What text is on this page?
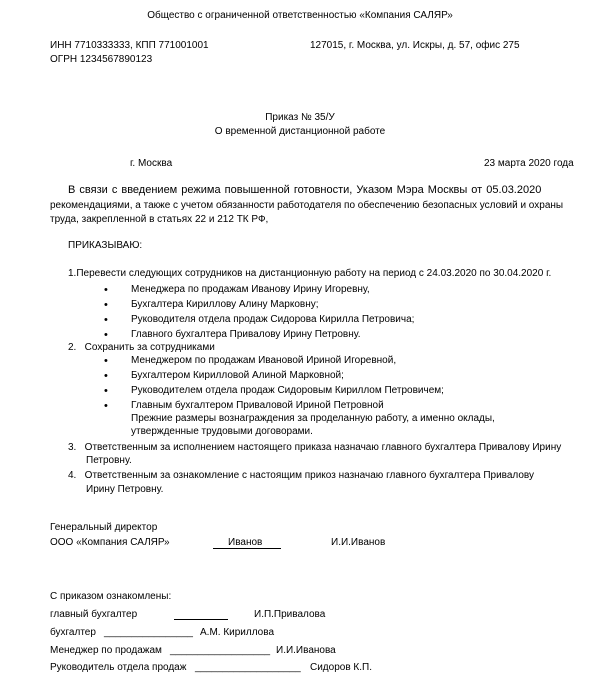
Общество с ограниченной ответственностью «Компания САЛЯР»
ИНН 7710333333, КПП 771001001	127015, г. Москва, ул. Искры, д. 57, офис 275
ОГРН 1234567890123
Приказ № 35/У
О временной дистанционной работе
г. Москва	23 марта 2020 года
В связи с введением режима повышенной готовности, Указом Мэра Москвы от 05.03.2020
рекомендациями, а также с учетом обязанности работодателя по обеспечению безопасных условий и охраны
труда, закрепленной в статьях 22 и 212 ТК РФ,
ПРИКАЗЫВАЮ:
1.Перевести следующих сотрудников на дистанционную работу на период с 24.03.2020 по 30.04.2020 г.
• Менеджера по продажам Иванову Ирину Игоревну,
• Бухгалтера Кириллову Алину Марковну;
• Руководителя отдела продаж Сидорова Кирилла Петровича;
• Главного бухгалтера Привалову Ирину Петровну.
2.   Сохранить за сотрудниками
• Менеджером по продажам Ивановой Ириной Игоревной,
• Бухгалтером Кирилловой Алиной Марковной;
• Руководителем отдела продаж Сидоровым Кириллом Петровичем;
• Главным бухгалтером Приваловой Ириной Петровной
Прежние размеры вознаграждения за проделанную работу, а именно оклады,
утвержденные трудовыми договорами.
3.   Ответственным за исполнением настоящего приказа назначаю главного бухгалтера Привалову Ирину
Петровну.
4.   Ответственным за ознакомление с настоящим прикоз назначаю главного бухгалтера Привалову
Ирину Петровну.
Генеральный директор
ООО «Компания САЛЯР»	Иванов	И.И.Иванов
С приказом ознакомлены:
главный бухгалтер	И.П.Привалова
бухгалтер ________________ А.М. Кириллова
Менеджер по продажам __________________ И.И.Иванова
Руководитель отдела продаж ___________________ Сидоров К.П.
